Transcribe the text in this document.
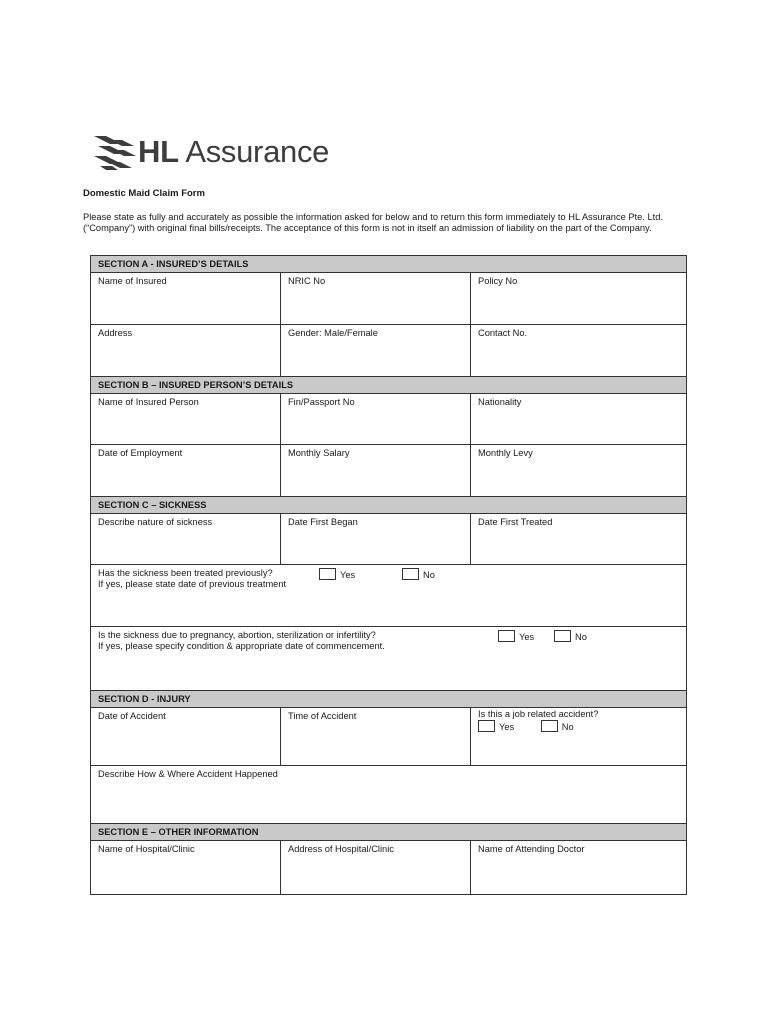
HL Assurance
Domestic Maid Claim Form
Please state as fully and accurately as possible the information asked for below and to return this form immediately to HL Assurance Pte. Ltd. (“Company”) with original final bills/receipts. The acceptance of this form is not in itself an admission of liability on the part of the Company.
SECTION A - INSURED’S DETAILS
Name of Insured	NRIC No	Policy No
Address	Gender: Male/Female	Contact No.
SECTION B – INSURED PERSON’S DETAILS
Name of Insured Person	Fin/Passport No	Nationality
Date of Employment	Monthly Salary	Monthly Levy
SECTION C – SICKNESS
Describe nature of sickness	Date First Began	Date First Treated
Has the sickness been treated previously?
If yes, please state date of previous treatment
Yes	No
Is the sickness due to pregnancy, abortion, sterilization or infertility?
If yes, please specify condition & appropriate date of commencement.
Yes	No
SECTION D - INJURY
Date of Accident	Time of Accident	Is this a job related accident?
Yes	No
Describe How & Where Accident Happened
SECTION E – OTHER INFORMATION
Name of Hospital/Clinic	Address of Hospital/Clinic	Name of Attending Doctor
